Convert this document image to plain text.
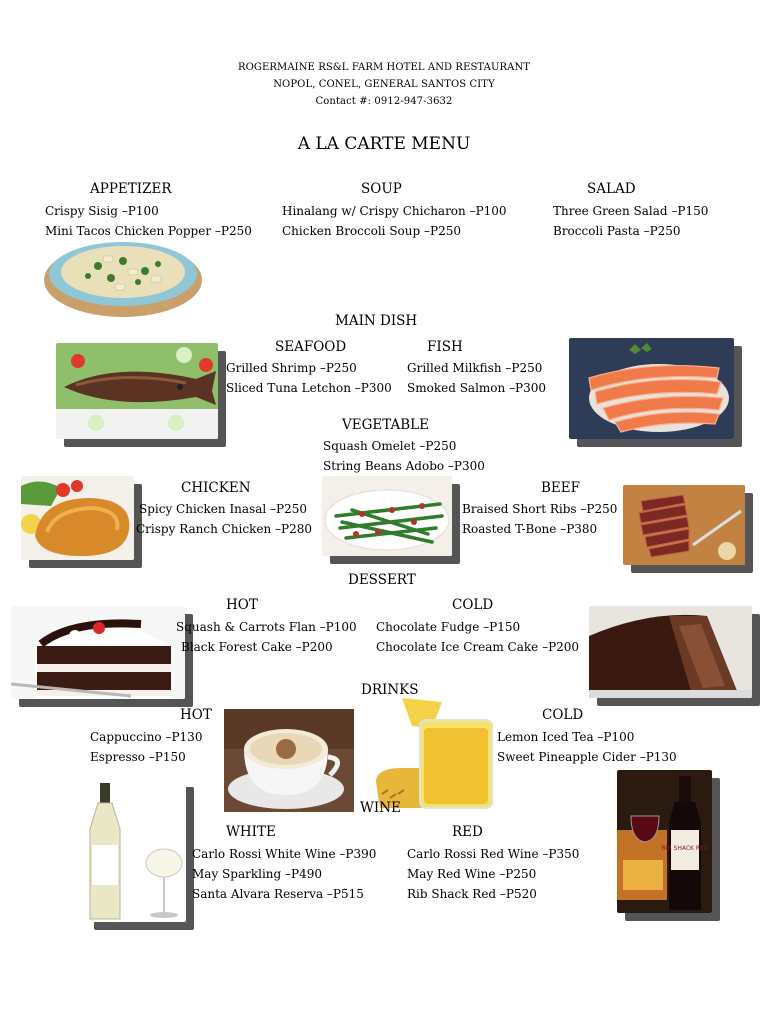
ROGERMAINE RS&L FARM HOTEL AND RESTAURANT
NOPOL, CONEL, GENERAL SANTOS CITY
Contact #: 0912-947-3632
A LA CARTE MENU
APPETIZER
Crispy Sisig –P100
Mini Tacos Chicken Popper –P250
SOUP
Hinalang w/ Crispy Chicharon –P100
Chicken Broccoli Soup –P250
SALAD
Three Green Salad –P150
Broccoli Pasta –P250
MAIN DISH
SEAFOOD
Grilled Shrimp –P250
Sliced Tuna Letchon –P300
FISH
Grilled Milkfish –P250
Smoked Salmon –P300
VEGETABLE
Squash Omelet –P250
String Beans Adobo –P300
CHICKEN
Spicy Chicken Inasal –P250
Crispy Ranch Chicken –P280
BEEF
Braised Short Ribs –P250
Roasted T-Bone –P380
DESSERT
HOT
Squash & Carrots Flan –P100
Black Forest Cake –P200
COLD
Chocolate Fudge –P150
Chocolate Ice Cream Cake –P200
DRINKS
HOT
Cappuccino –P130
Espresso –P150
COLD
Lemon Iced Tea –P100
Sweet Pineapple Cider –P130
WINE
WHITE
Carlo Rossi White Wine –P390
May Sparkling –P490
Santa Alvara Reserva –P515
RED
Carlo Rossi Red Wine –P350
May Red Wine –P250
Rib Shack Red –P520
RIB SHACK RED
